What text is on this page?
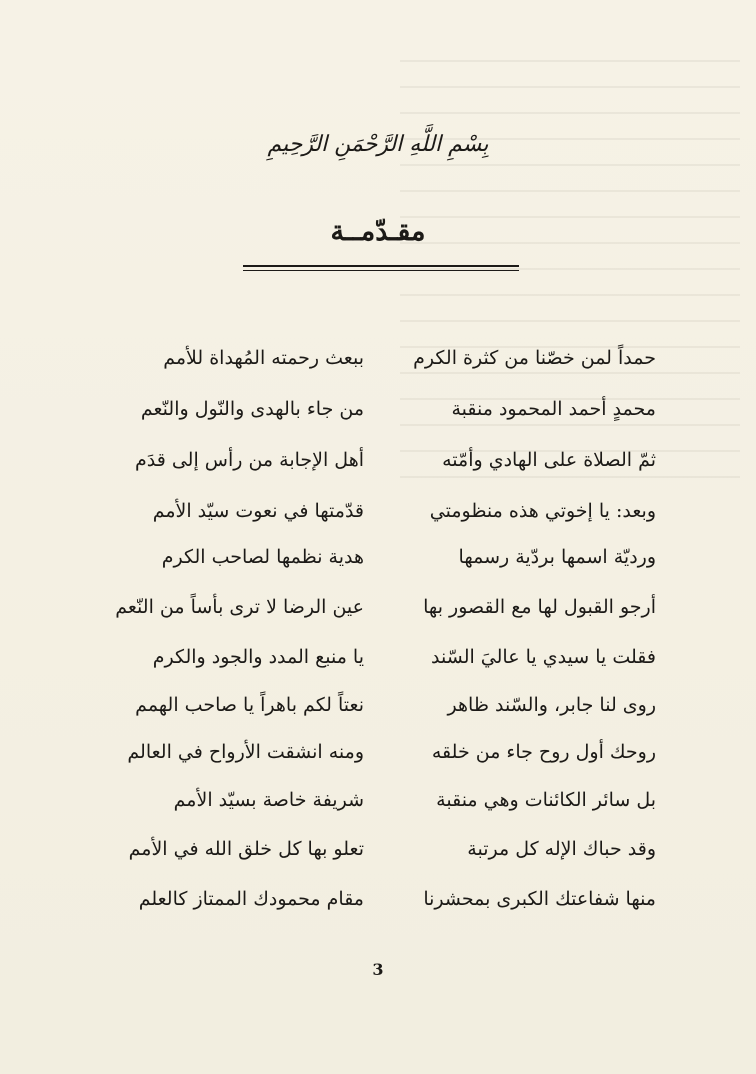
بِسْمِ اللَّهِ الرَّحْمَنِ الرَّحِيمِ
مقـدّمــة
حمداً لمن خصّنا من كثرة الكرم
ببعث رحمته المُهداة للأمم
محمدٍ أحمد المحمود منقبة
من جاء بالهدى والنّول والنّعم
ثمّ الصلاة على الهادي وأمّته
أهل الإجابة من رأس إلى قدَم
وبعد: يا إخوتي هذه منظومتي
قدّمتها في نعوت سيّد الأمم
ورديّة اسمها بردّية رسمها
هدية نظمها لصاحب الكرم
أرجو القبول لها مع القصور بها
عين الرضا لا ترى بأساً من النّعم
فقلت يا سيدي يا عاليَ السّند
يا منبع المدد والجود والكرم
روى لنا جابر، والسّند ظاهر
نعتاً لكم باهراً يا صاحب الهمم
روحك أول روح جاء من خلقه
ومنه انشقت الأرواح في العالم
بل سائر الكائنات وهي منقبة
شريفة خاصة بسيّد الأمم
وقد حباك الإله كل مرتبة
تعلو بها كل خلق الله في الأمم
منها شفاعتك الكبرى بمحشرنا
مقام محمودك الممتاز كالعلم
3
